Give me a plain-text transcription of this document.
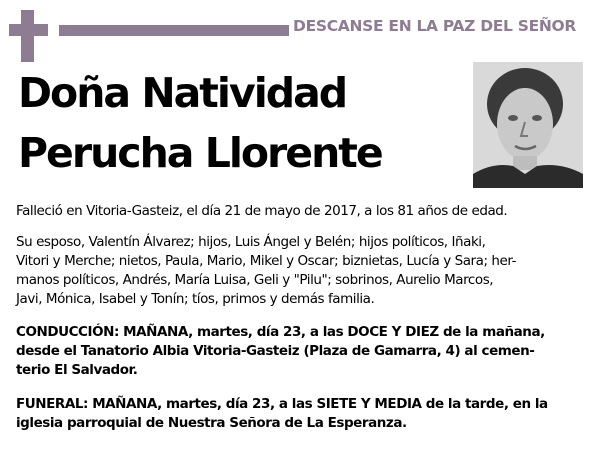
DESCANSE EN LA PAZ DEL SEÑOR
Doña Natividad
Perucha Llorente
Falleció en Vitoria-Gasteiz, el día 21 de mayo de 2017, a los 81 años de edad.
Su esposo, Valentín Álvarez; hijos, Luis Ángel y Belén; hijos políticos, Iñaki,
Vitori y Merche; nietos, Paula, Mario, Mikel y Oscar; biznietas, Lucía y Sara; her-
manos políticos, Andrés, María Luisa, Geli y "Pilu"; sobrinos, Aurelio Marcos,
Javi, Mónica, Isabel y Tonín; tíos, primos y demás familia.
CONDUCCIÓN: MAÑANA, martes, día 23, a las DOCE Y DIEZ de la mañana,
desde el Tanatorio Albia Vitoria-Gasteiz (Plaza de Gamarra, 4) al cemen-
terio El Salvador.
FUNERAL: MAÑANA, martes, día 23, a las SIETE Y MEDIA de la tarde, en la
iglesia parroquial de Nuestra Señora de La Esperanza.
